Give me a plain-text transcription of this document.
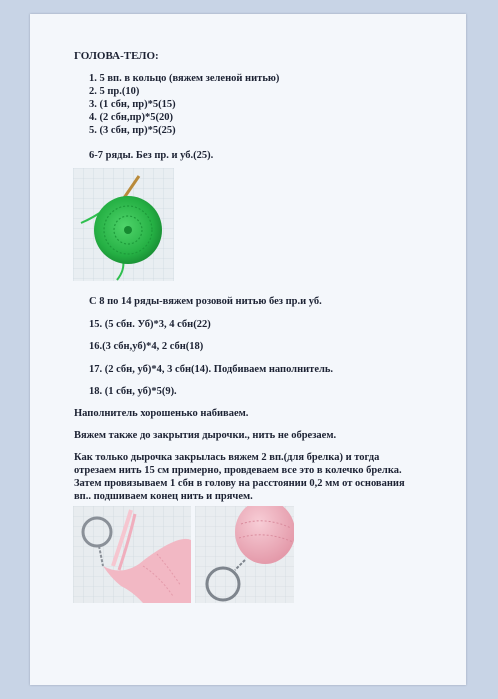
ГОЛОВА-ТЕЛО:
1. 5 вп. в кольцо (вяжем зеленой нитью)
2. 5 пр.(10)
3. (1 сбн, пр)*5(15)
4. (2 сбн,пр)*5(20)
5. (3 сбн, пр)*5(25)
6-7 ряды. Без пр. и уб.(25).
С 8 по 14 ряды-вяжем розовой нитью без пр.и уб.
15. (5 сбн. Уб)*3, 4 сбн(22)
16.(3 сбн,уб)*4, 2 сбн(18)
17. (2 сбн, уб)*4, 3 сбн(14). Подбиваем наполнитель.
18. (1 сбн, уб)*5(9).
Наполнитель хорошенько набиваем.
Вяжем также до закрытия дырочки., нить не обрезаем.
Как только дырочка закрылась вяжем 2 вп.(для брелка) и тогда
отрезаем нить 15 см примерно, провдеваем все это в колечко брелка.
Затем провязываем 1 сбн в голову на расстоянии 0,2 мм от основания
вп.. подшиваем конец нить и прячем.
